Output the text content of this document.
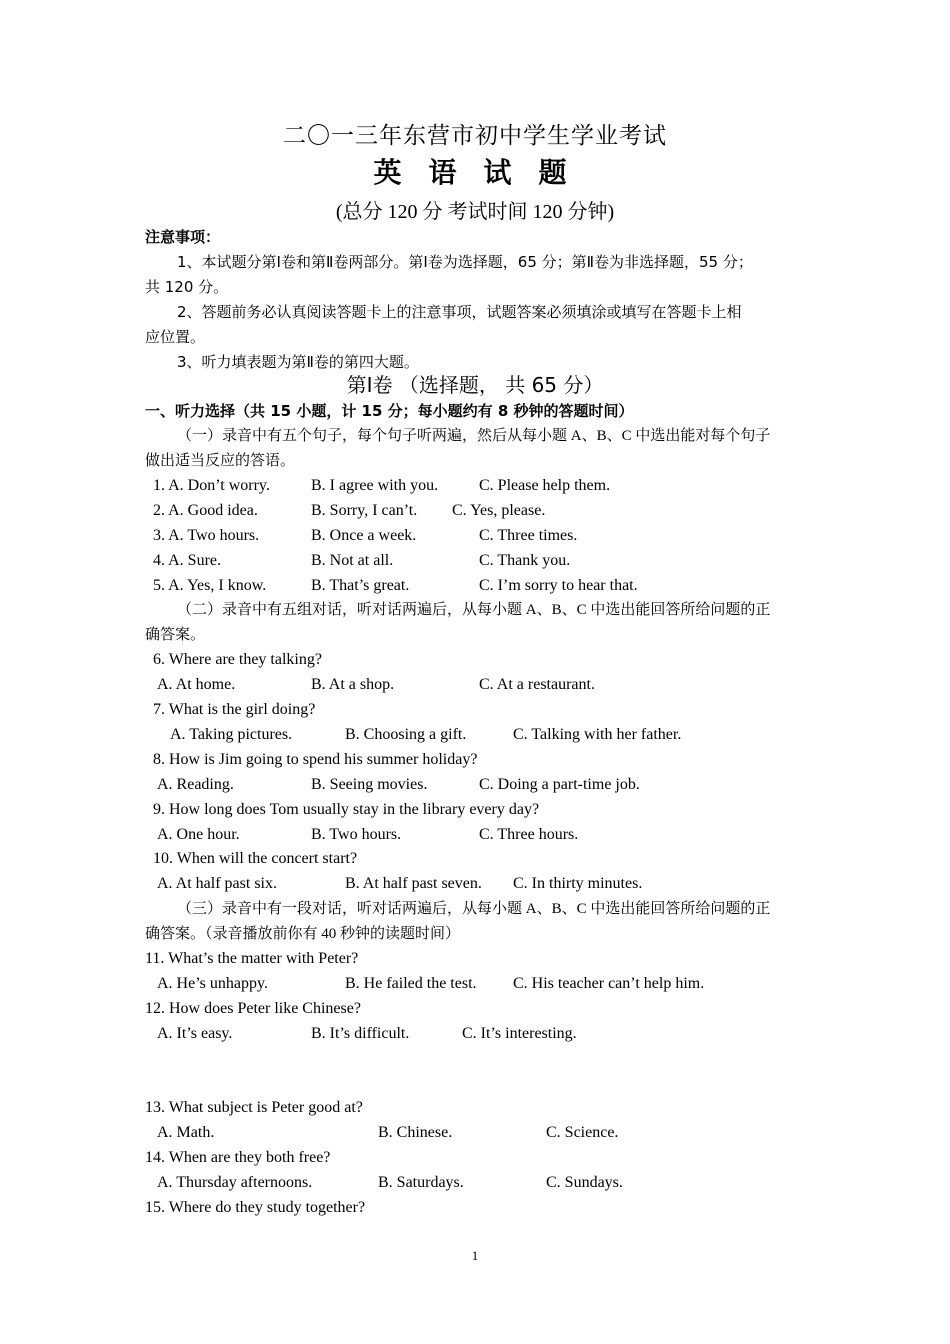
二〇一三年东营市初中学生学业考试
英 语 试 题
(总分 120 分 考试时间 120 分钟)
注意事项：
1、本试题分第Ⅰ卷和第Ⅱ卷两部分。第Ⅰ卷为选择题，65 分；第Ⅱ卷为非选择题，55 分；
共 120 分。
2、答题前务必认真阅读答题卡上的注意事项，试题答案必须填涂或填写在答题卡上相
应位置。
3、听力填表题为第Ⅱ卷的第四大题。
第Ⅰ卷 （选择题， 共 65 分）
一、听力选择（共 15 小题，计 15 分；每小题约有 8 秒钟的答题时间）
（一）录音中有五个句子，每个句子听两遍，然后从每小题 A、B、C 中选出能对每个句子
做出适当反应的答语。
1. A. Don’t worry.	B. I agree with you.	C. Please help them.
2. A. Good idea.	B. Sorry, I can’t. C. Yes, please.
3. A. Two hours.	B. Once a week.	C. Three times.
4. A. Sure.	B. Not at all.	C. Thank you.
5. A. Yes, I know.	B. That’s great.	C. I’m sorry to hear that.
（二）录音中有五组对话，听对话两遍后，从每小题 A、B、C 中选出能回答所给问题的正
确答案。
6. Where are they talking?
A. At home.	B. At a shop.	C. At a restaurant.
7. What is the girl doing?
A. Taking pictures.	B. Choosing a gift.	C. Talking with her father.
8. How is Jim going to spend his summer holiday?
A. Reading.	B. Seeing movies.	C. Doing a part-time job.
9. How long does Tom usually stay in the library every day?
A. One hour.	B. Two hours.	C. Three hours.
10. When will the concert start?
A. At half past six.	B. At half past seven. C. In thirty minutes.
（三）录音中有一段对话，听对话两遍后，从每小题 A、B、C 中选出能回答所给问题的正
确答案。（录音播放前你有 40 秒钟的读题时间）
11. What’s the matter with Peter?
A. He’s unhappy.	B. He failed the test. C. His teacher can’t help him.
12. How does Peter like Chinese?
A. It’s easy.	B. It’s difficult.	C. It’s interesting.
13. What subject is Peter good at?
A. Math.	B. Chinese.	C. Science.
14. When are they both free?
A. Thursday afternoons.	B. Saturdays.	C. Sundays.
15. Where do they study together?
1
